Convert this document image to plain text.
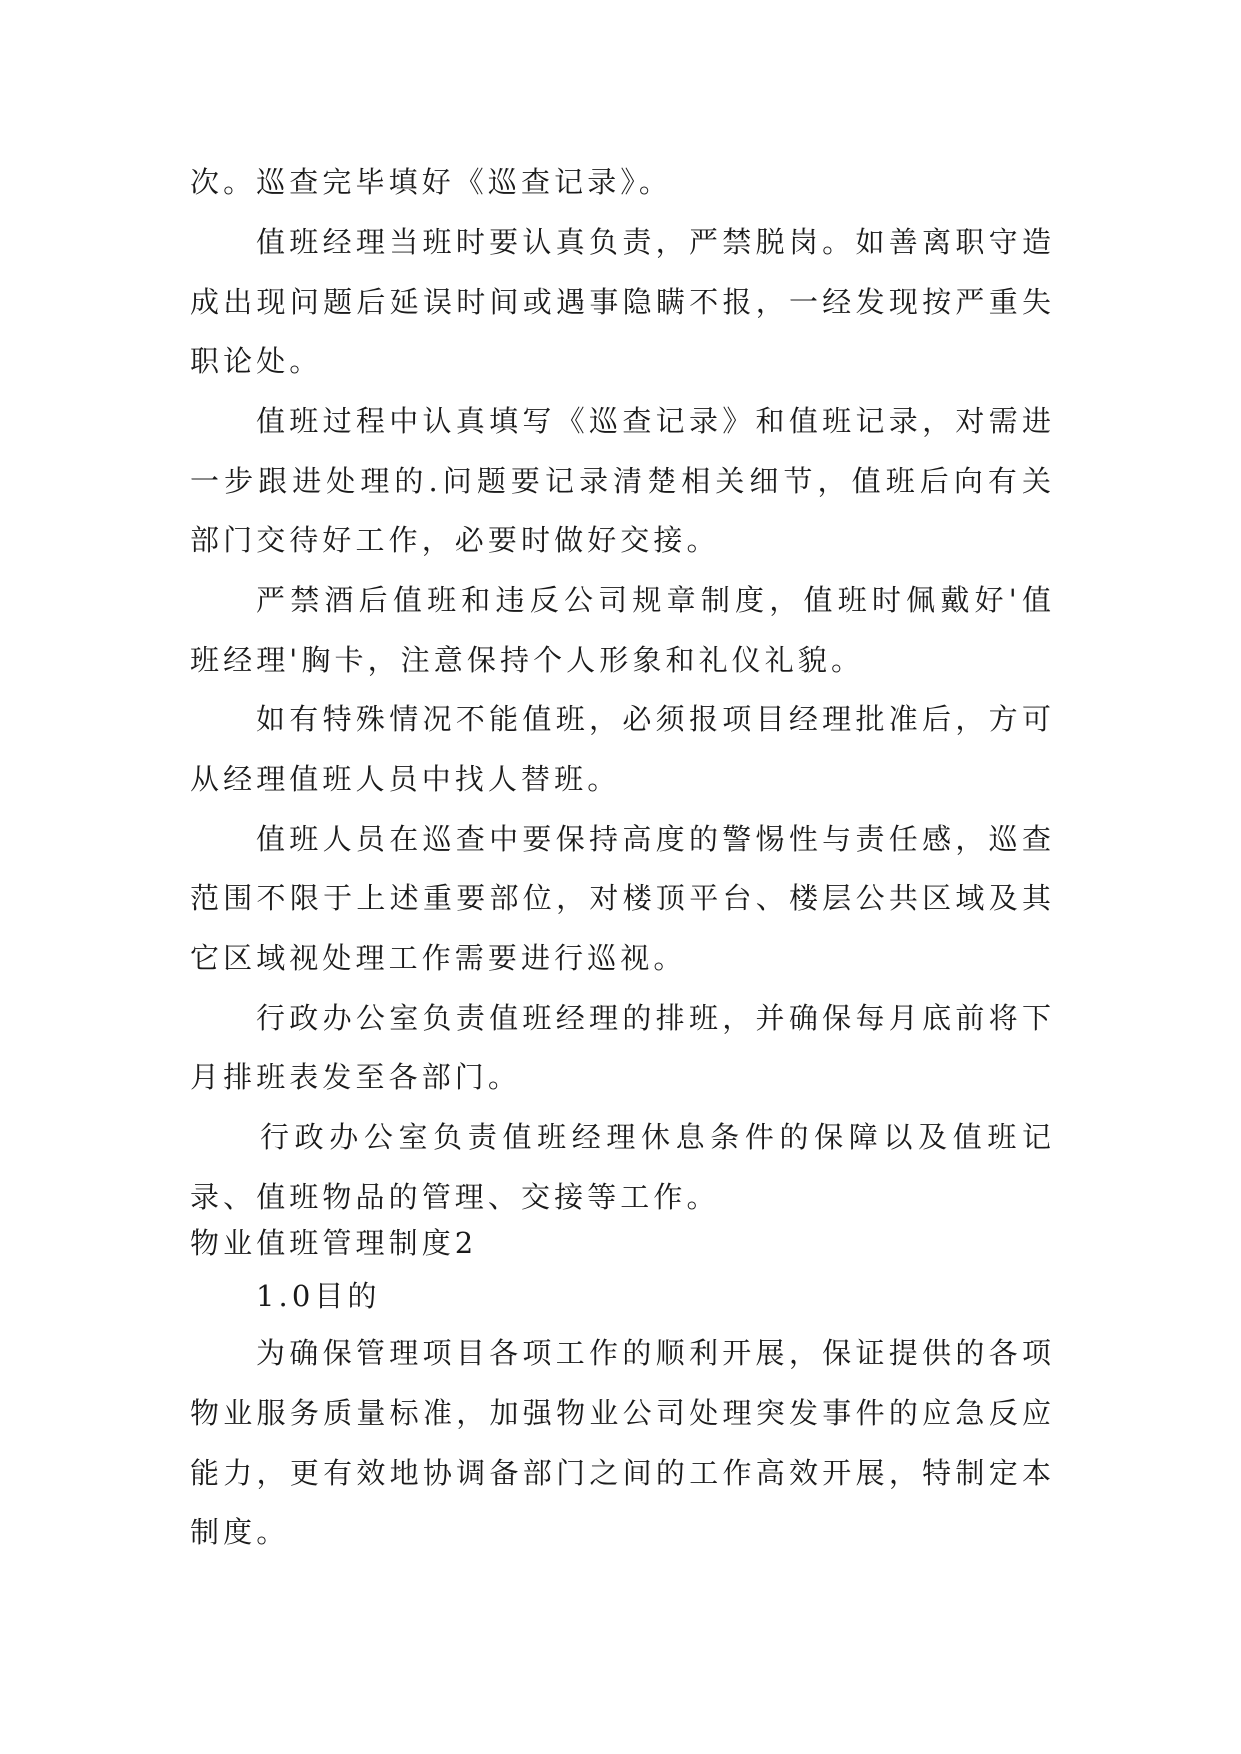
次。巡查完毕填好《巡查记录》。
值班经理当班时要认真负责，严禁脱岗。如善离职守造
成出现问题后延误时间或遇事隐瞒不报，一经发现按严重失
职论处。
值班过程中认真填写《巡查记录》和值班记录，对需进
一步跟进处理的.问题要记录清楚相关细节，值班后向有关
部门交待好工作，必要时做好交接。
严禁酒后值班和违反公司规章制度，值班时佩戴好'值
班经理'胸卡，注意保持个人形象和礼仪礼貌。
如有特殊情况不能值班，必须报项目经理批准后，方可
从经理值班人员中找人替班。
值班人员在巡查中要保持高度的警惕性与责任感，巡查
范围不限于上述重要部位，对楼顶平台、楼层公共区域及其
它区域视处理工作需要进行巡视。
行政办公室负责值班经理的排班，并确保每月底前将下
月排班表发至各部门。
行政办公室负责值班经理休息条件的保障以及值班记
录、值班物品的管理、交接等工作。
物业值班管理制度2
1.0目的
为确保管理项目各项工作的顺利开展，保证提供的各项
物业服务质量标准，加强物业公司处理突发事件的应急反应
能力，更有效地协调备部门之间的工作高效开展，特制定本
制度。
